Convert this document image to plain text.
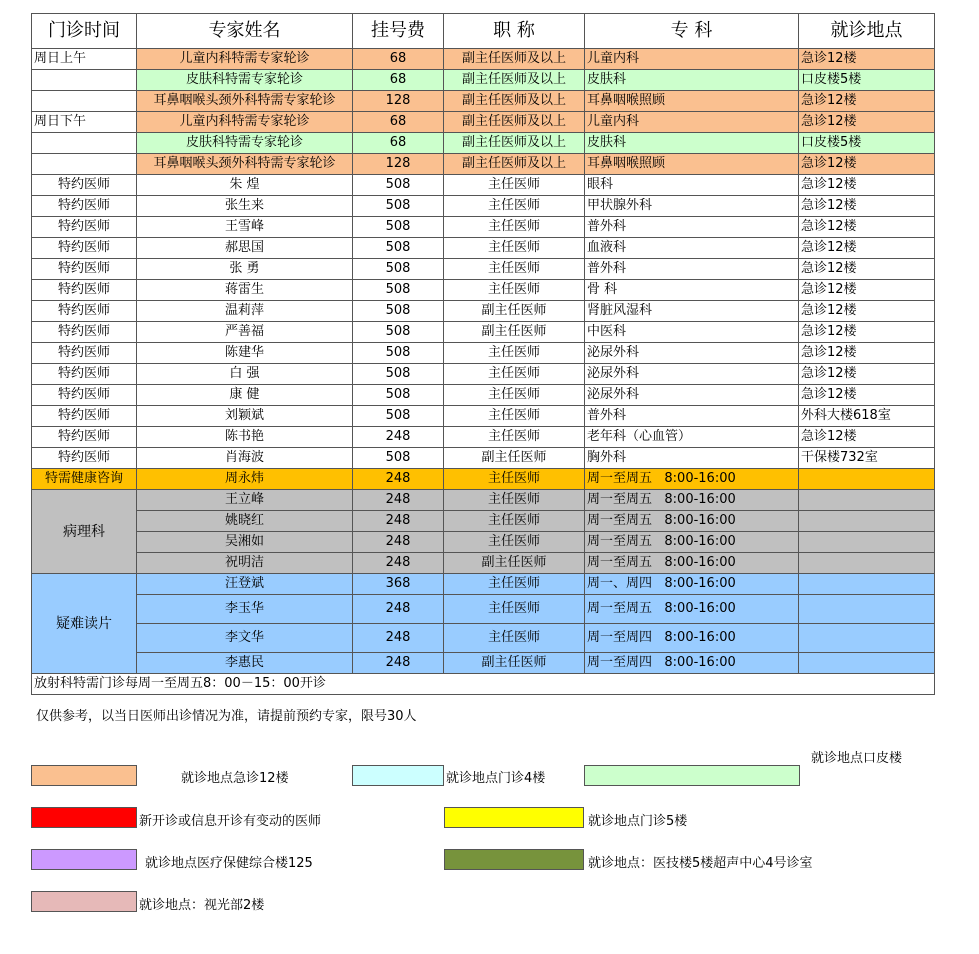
门诊时间	专家姓名	挂号费	职 称	专 科	就诊地点
周日上午	儿童内科特需专家轮诊	68	副主任医师及以上	儿童内科	急诊12楼
	皮肤科特需专家轮诊	68	副主任医师及以上	皮肤科	口皮楼5楼
	耳鼻咽喉头颈外科特需专家轮诊	128	副主任医师及以上	耳鼻咽喉照顾	急诊12楼
周日下午	儿童内科特需专家轮诊	68	副主任医师及以上	儿童内科	急诊12楼
	皮肤科特需专家轮诊	68	副主任医师及以上	皮肤科	口皮楼5楼
	耳鼻咽喉头颈外科特需专家轮诊	128	副主任医师及以上	耳鼻咽喉照顾	急诊12楼
特约医师	朱 煌	508	主任医师	眼科	急诊12楼
特约医师	张生来	508	主任医师	甲状腺外科	急诊12楼
特约医师	王雪峰	508	主任医师	普外科	急诊12楼
特约医师	郝思国	508	主任医师	血液科	急诊12楼
特约医师	张 勇	508	主任医师	普外科	急诊12楼
特约医师	蒋雷生	508	主任医师	骨 科	急诊12楼
特约医师	温莉萍	508	副主任医师	肾脏风湿科	急诊12楼
特约医师	严善福	508	副主任医师	中医科	急诊12楼
特约医师	陈建华	508	主任医师	泌尿外科	急诊12楼
特约医师	白 强	508	主任医师	泌尿外科	急诊12楼
特约医师	康 健	508	主任医师	泌尿外科	急诊12楼
特约医师	刘颖斌	508	主任医师	普外科	外科大楼618室
特约医师	陈书艳	248	主任医师	老年科（心血管）	急诊12楼
特约医师	肖海波	508	副主任医师	胸外科	干保楼732室
特需健康咨询	周永炜	248	主任医师	周一至周五   8:00-16:00	
病理科	王立峰	248	主任医师	周一至周五   8:00-16:00	
	姚晓红	248	主任医师	周一至周五   8:00-16:00	
	吴湘如	248	主任医师	周一至周五   8:00-16:00	
	祝明洁	248	副主任医师	周一至周五   8:00-16:00	
疑难读片	汪登斌	368	主任医师	周一、周四   8:00-16:00	
	李玉华	248	主任医师	周一至周五   8:00-16:00	
	李文华	248	主任医师	周一至周四   8:00-16:00	
	李惠民	248	副主任医师	周一至周四   8:00-16:00	
放射科特需门诊每周一至周五8：00－15：00开诊					
仅供参考，以当日医师出诊情况为准，请提前预约专家，限号30人
就诊地点急诊12楼	就诊地点门诊4楼
就诊地点口皮楼
新开诊或信息开诊有变动的医师	就诊地点门诊5楼
就诊地点医疗保健综合楼125	就诊地点：医技楼5楼超声中心4号诊室
就诊地点：视光部2楼
